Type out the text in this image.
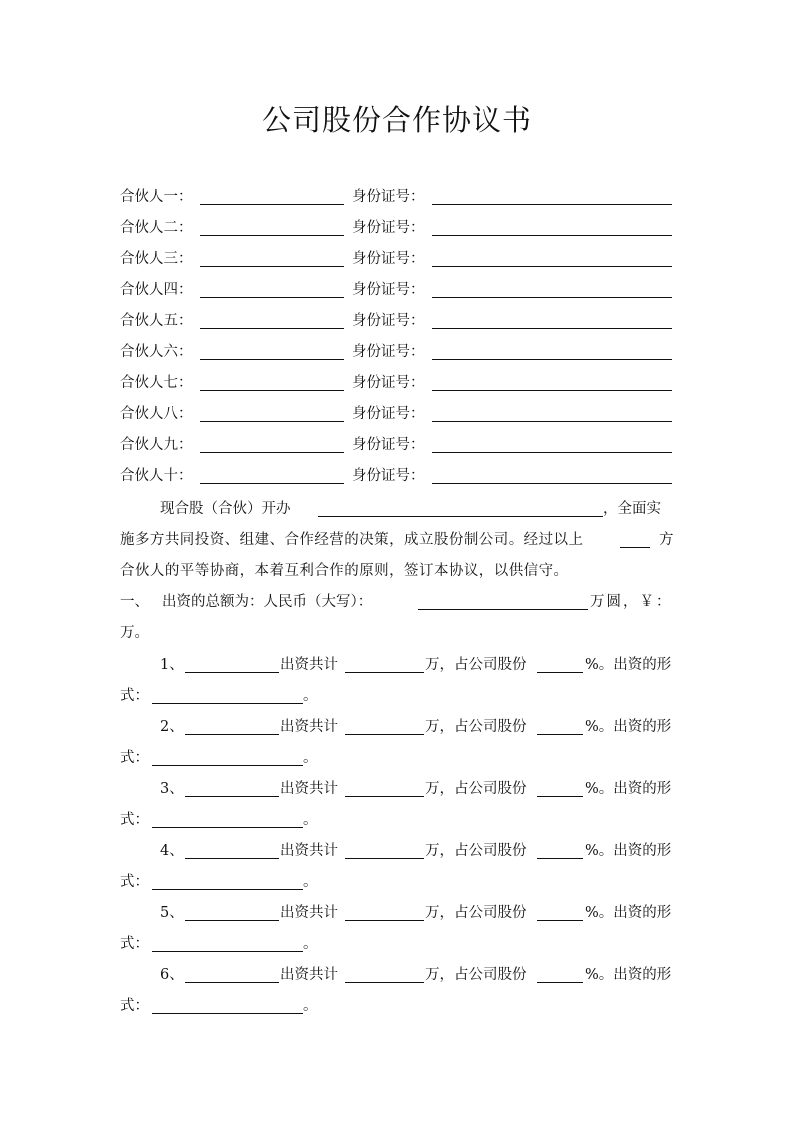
公司股份合作协议书
合伙人一：	身份证号：
合伙人二：	身份证号：
合伙人三：	身份证号：
合伙人四：	身份证号：
合伙人五：	身份证号：
合伙人六：	身份证号：
合伙人七：	身份证号：
合伙人八：	身份证号：
合伙人九：	身份证号：
合伙人十：	身份证号：
现合股（合伙）开办	，全面实
施多方共同投资、组建、合作经营的决策，成立股份制公司。经过以上	方
合伙人的平等协商，本着互利合作的原则，签订本协议，以供信守。
一、 出资的总额为：人民币（大写）：	万圆，￥：
万。
1、	出资共计	万，占公司股份	%。出资的形
式：	。
2、	出资共计	万，占公司股份	%。出资的形
式：	。
3、	出资共计	万，占公司股份	%。出资的形
式：	。
4、	出资共计	万，占公司股份	%。出资的形
式：	。
5、	出资共计	万，占公司股份	%。出资的形
式：	。
6、	出资共计	万，占公司股份	%。出资的形
式：	。
